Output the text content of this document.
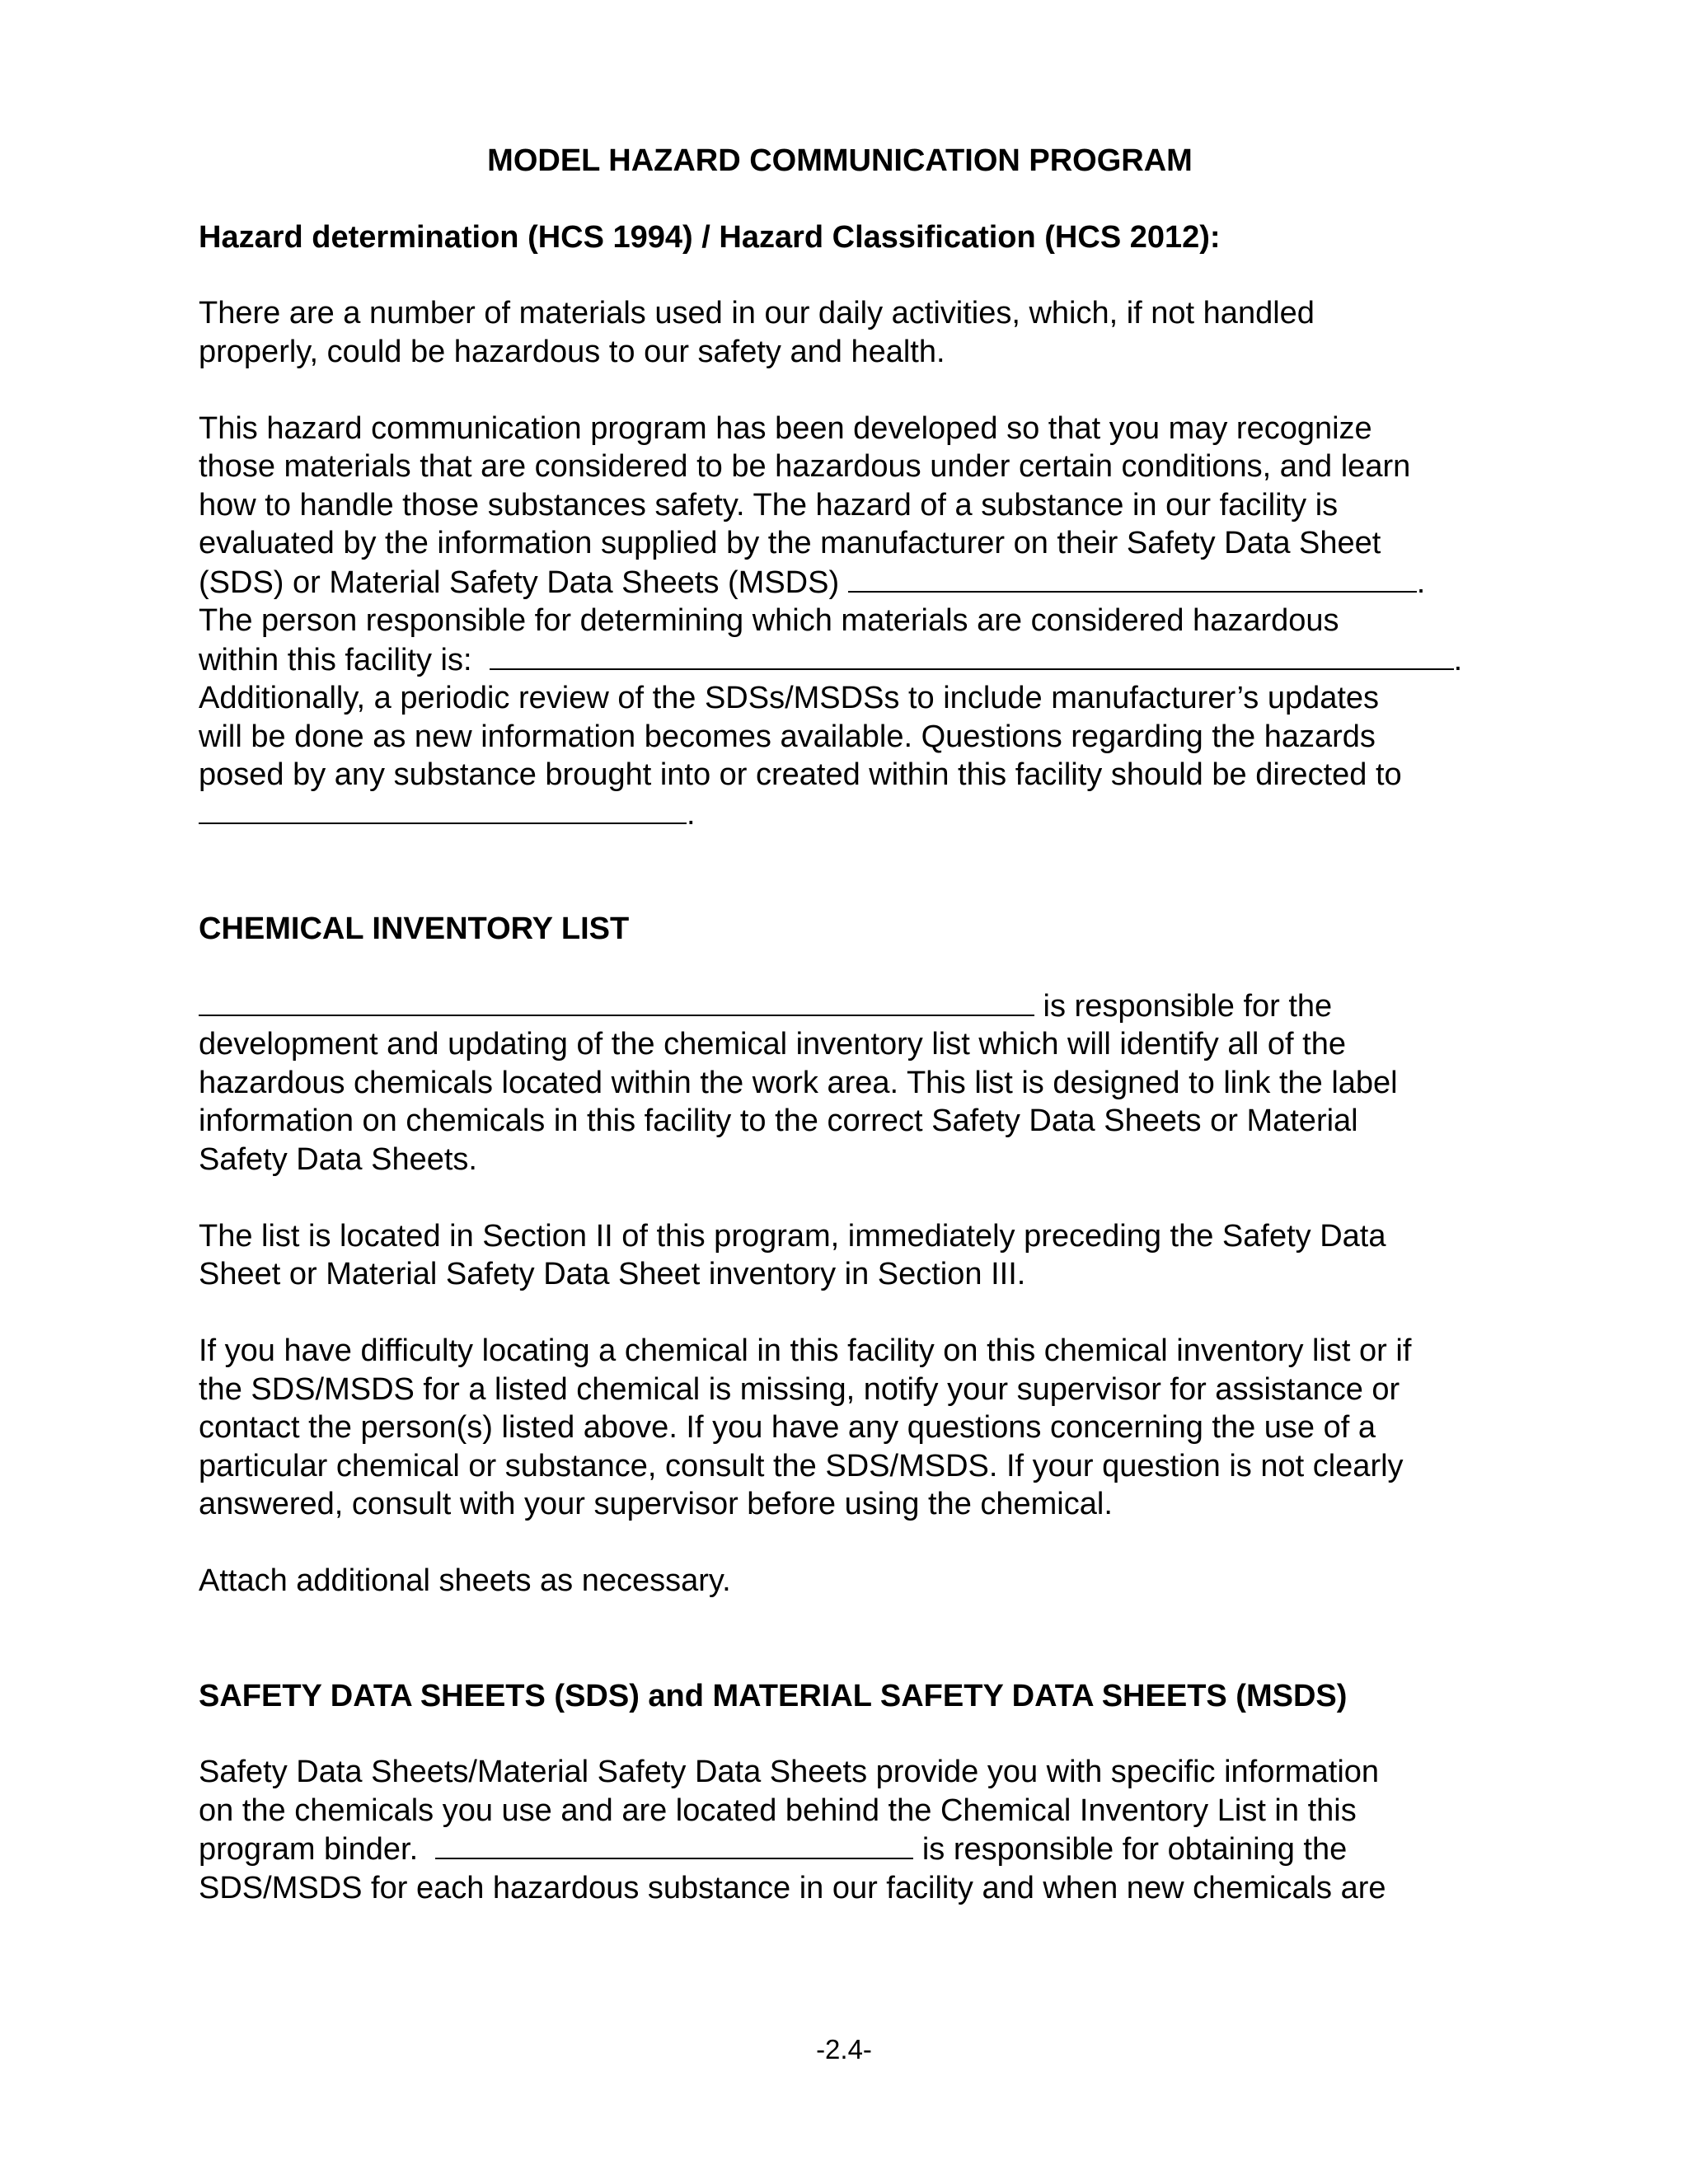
MODEL HAZARD COMMUNICATION PROGRAM
Hazard determination (HCS 1994) / Hazard Classification (HCS 2012):
There are a number of materials used in our daily activities, which, if not handled
properly, could be hazardous to our safety and health.
This hazard communication program has been developed so that you may recognize
those materials that are considered to be hazardous under certain conditions, and learn
how to handle those substances safety. The hazard of a substance in our facility is
evaluated by the information supplied by the manufacturer on their Safety Data Sheet
(SDS) or Material Safety Data Sheets (MSDS)	.
The person responsible for determining which materials are considered hazardous
within this facility is:	.
Additionally, a periodic review of the SDSs/MSDSs to include manufacturer’s updates
will be done as new information becomes available. Questions regarding the hazards
posed by any substance brought into or created within this facility should be directed to
.
CHEMICAL INVENTORY LIST
is responsible for the
development and updating of the chemical inventory list which will identify all of the
hazardous chemicals located within the work area. This list is designed to link the label
information on chemicals in this facility to the correct Safety Data Sheets or Material
Safety Data Sheets.
The list is located in Section II of this program, immediately preceding the Safety Data
Sheet or Material Safety Data Sheet inventory in Section III.
If you have difficulty locating a chemical in this facility on this chemical inventory list or if
the SDS/MSDS for a listed chemical is missing, notify your supervisor for assistance or
contact the person(s) listed above. If you have any questions concerning the use of a
particular chemical or substance, consult the SDS/MSDS. If your question is not clearly
answered, consult with your supervisor before using the chemical.
Attach additional sheets as necessary.
SAFETY DATA SHEETS (SDS) and MATERIAL SAFETY DATA SHEETS (MSDS)
Safety Data Sheets/Material Safety Data Sheets provide you with specific information
on the chemicals you use and are located behind the Chemical Inventory List in this
program binder.	is responsible for obtaining the
SDS/MSDS for each hazardous substance in our facility and when new chemicals are
-2.4-
